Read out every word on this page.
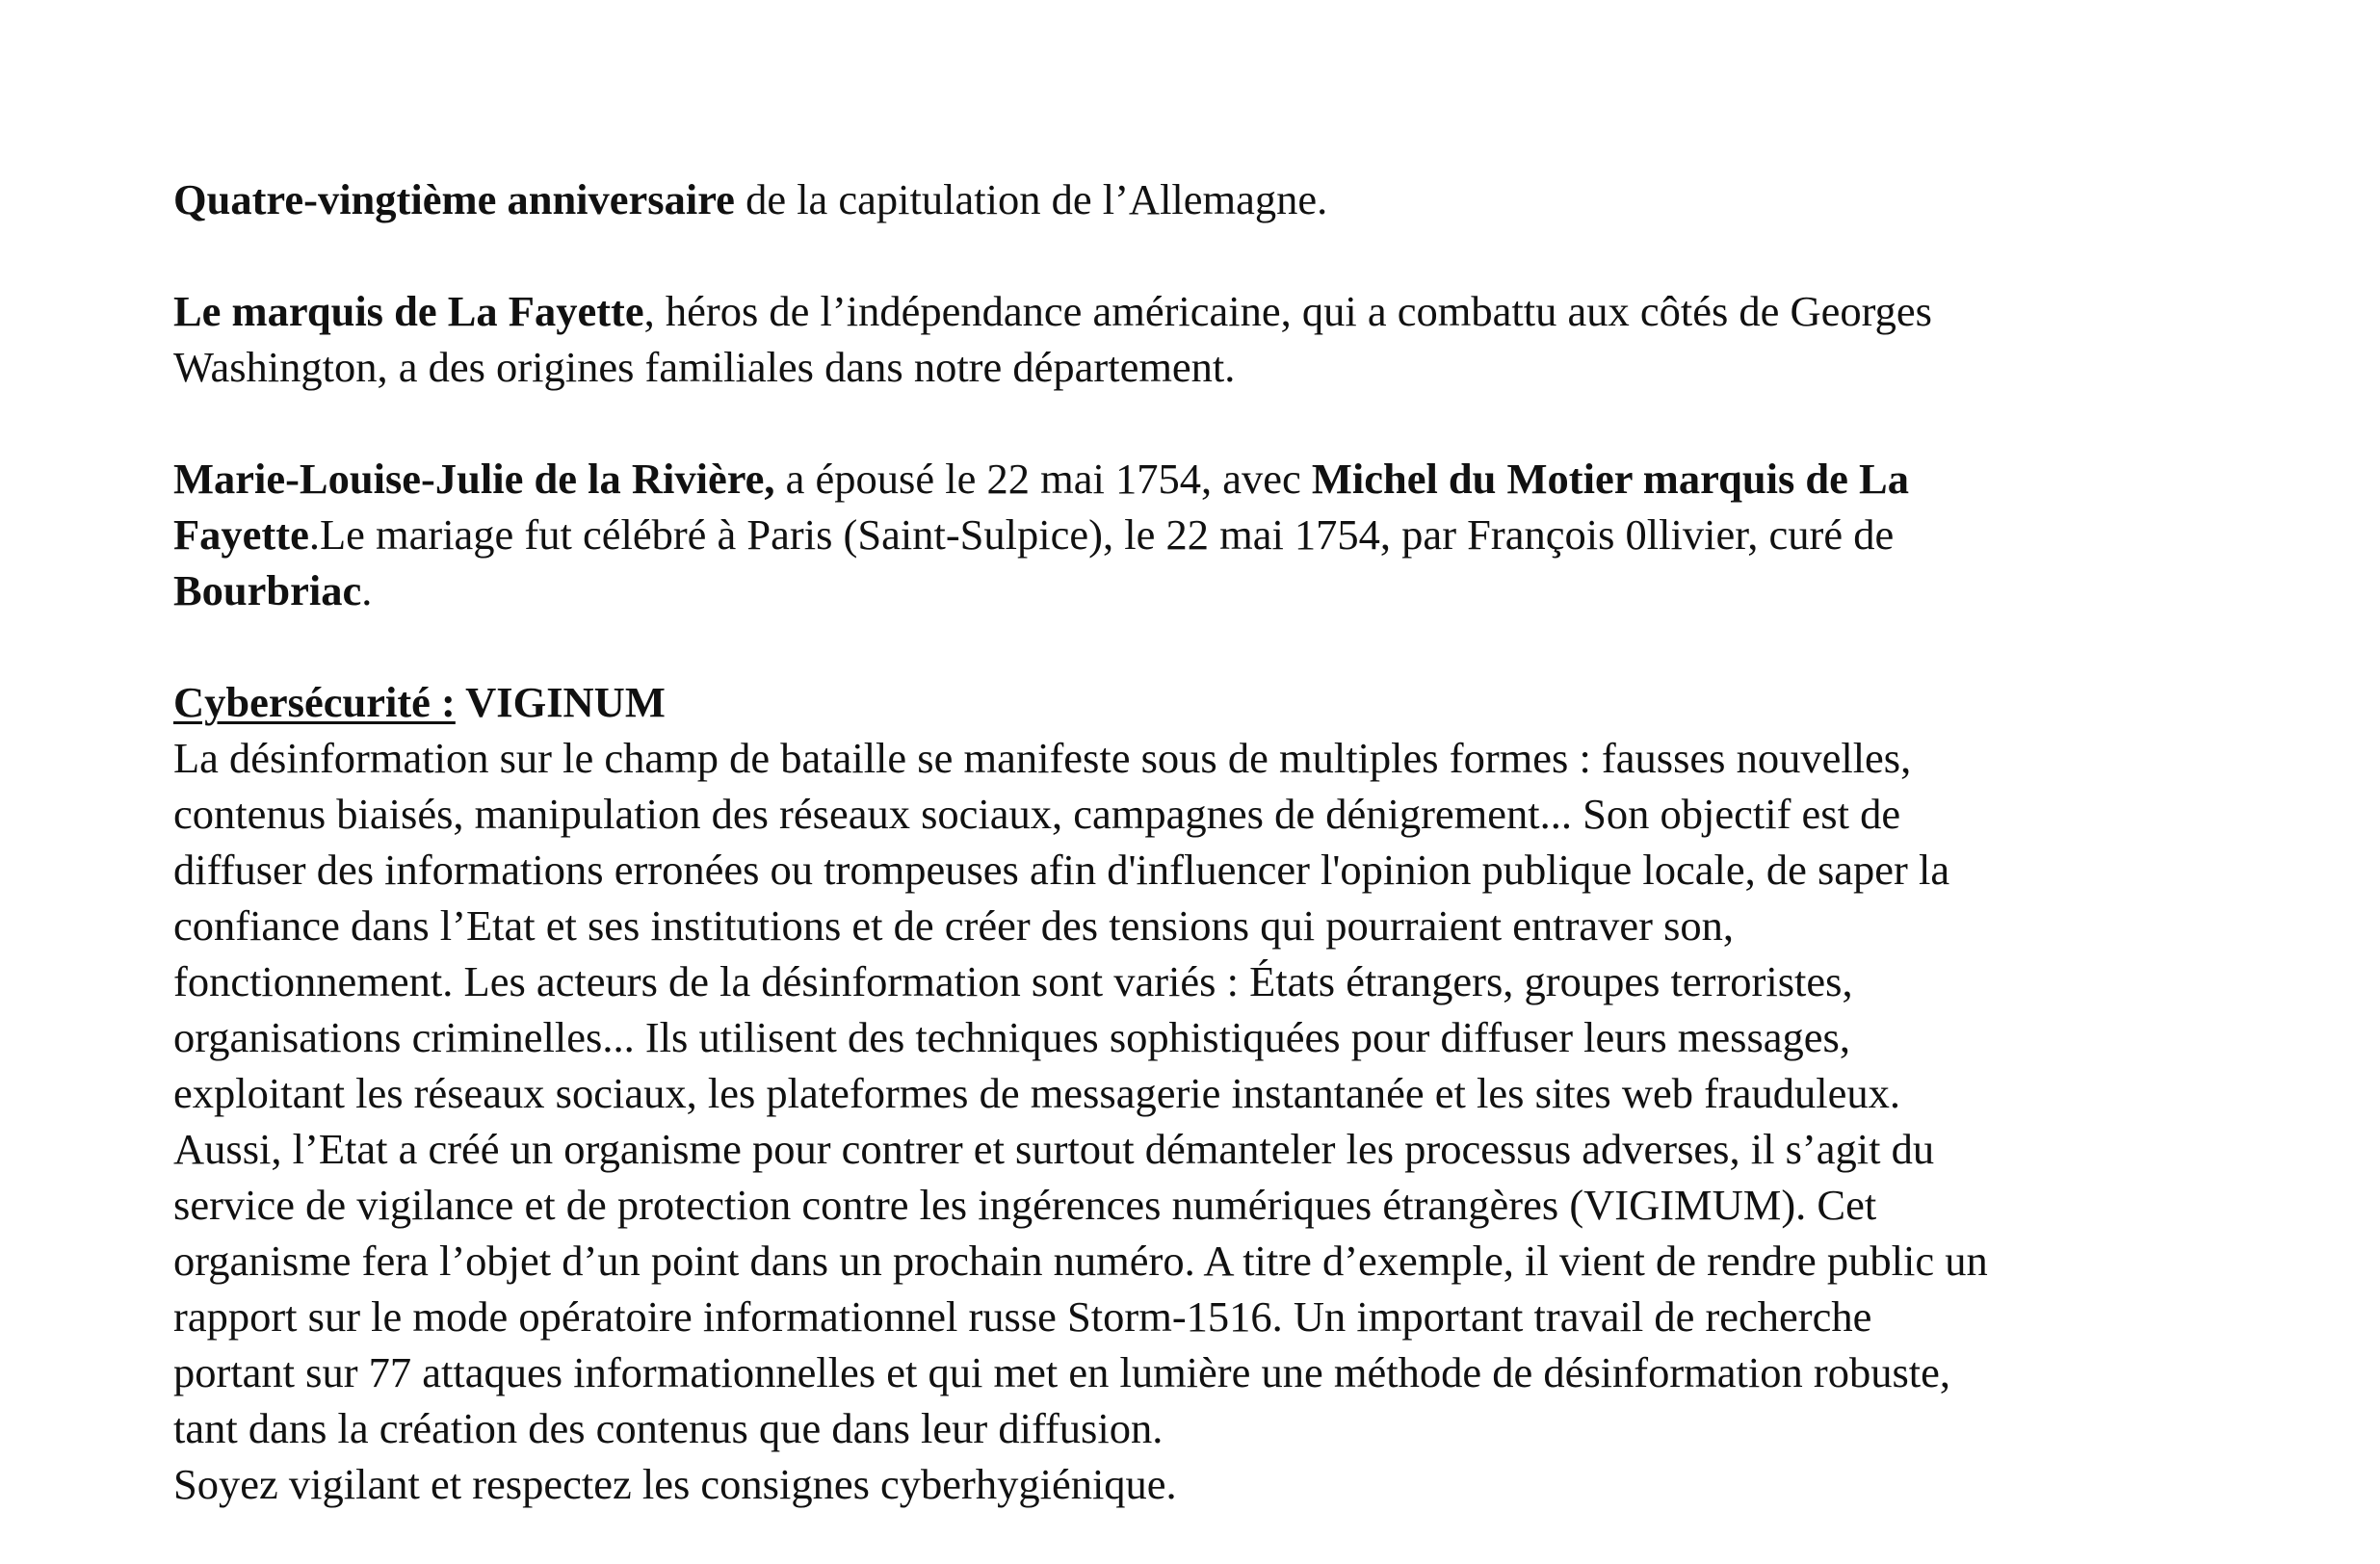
Quatre-vingtième anniversaire de la capitulation de l’Allemagne.

Le marquis de La Fayette, héros de l’indépendance américaine, qui a combattu aux côtés de Georges
Washington, a des origines familiales dans notre département.

Marie-Louise-Julie de la Rivière, a épousé le 22 mai 1754, avec Michel du Motier marquis de La
Fayette.Le mariage fut célébré à Paris (Saint-Sulpice), le 22 mai 1754, par François 0llivier, curé de
Bourbriac.

Cybersécurité : VIGINUM
La désinformation sur le champ de bataille se manifeste sous de multiples formes : fausses nouvelles,
contenus biaisés, manipulation des réseaux sociaux, campagnes de dénigrement... Son objectif est de
diffuser des informations erronées ou trompeuses afin d'influencer l'opinion publique locale, de saper la
confiance dans l’Etat et ses institutions et de créer des tensions qui pourraient entraver son,
fonctionnement. Les acteurs de la désinformation sont variés : États étrangers, groupes terroristes,
organisations criminelles... Ils utilisent des techniques sophistiquées pour diffuser leurs messages,
exploitant les réseaux sociaux, les plateformes de messagerie instantanée et les sites web frauduleux.
Aussi, l’Etat a créé un organisme pour contrer et surtout démanteler les processus adverses, il s’agit du
service de vigilance et de protection contre les ingérences numériques étrangères (VIGIMUM). Cet
organisme fera l’objet d’un point dans un prochain numéro. A titre d’exemple, il vient de rendre public un
rapport sur le mode opératoire informationnel russe Storm-1516. Un important travail de recherche
portant sur 77 attaques informationnelles et qui met en lumière une méthode de désinformation robuste,
tant dans la création des contenus que dans leur diffusion.
Soyez vigilant et respectez les consignes cyberhygiénique.
